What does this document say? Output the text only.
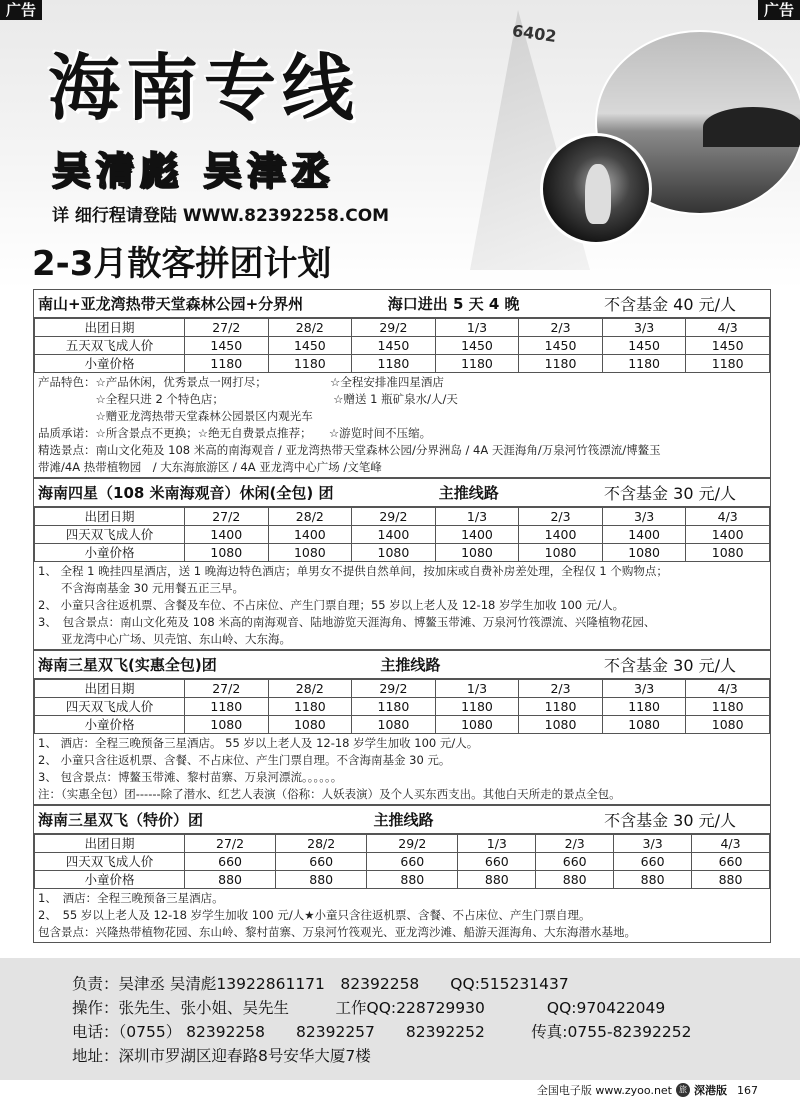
6402
海南专线
吴清彪 吴津丞
详 细行程请登陆 WWW.82392258.COM
2-3月散客拼团计划
广告	广告
南山+亚龙湾热带天堂森林公园+分界州	海口进出 5 天 4 晚	不含基金 40 元/人
出团日期	27/2	28/2	29/2	1/3	2/3	3/3	4/3
五天双飞成人价	1450	1450	1450	1450	1450	1450	1450
小童价格	1180	1180	1180	1180	1180	1180	1180
产品特色：☆产品休闲，优秀景点一网打尽；　　　　　　☆全程安排准四星酒店
　　　　　☆全程只进 2 个特色店；　　　　　　　　　　☆赠送 1 瓶矿泉水/人/天
　　　　　☆赠亚龙湾热带天堂森林公园景区内观光车
品质承诺：☆所含景点不更换；☆绝无自费景点推荐；　　☆游览时间不压缩。
精选景点：南山文化苑及 108 米高的南海观音 / 亚龙湾热带天堂森林公园/分界洲岛 / 4A 天涯海角/万泉河竹筏漂流/博鳌玉
带滩/4A 热带植物园　/ 大东海旅游区 / 4A 亚龙湾中心广场 /文笔峰
海南四星（108 米南海观音）休闲(全包) 团	主推线路	不含基金 30 元/人
出团日期	27/2	28/2	29/2	1/3	2/3	3/3	4/3
四天双飞成人价	1400	1400	1400	1400	1400	1400	1400
小童价格	1080	1080	1080	1080	1080	1080	1080
1、 全程 1 晚挂四星酒店，送 1 晚海边特色酒店；单男女不提供自然单间，按加床或自费补房差处理，全程仅 1 个购物点；
　　不含海南基金 30 元用餐五正三早。
2、 小童只含往返机票、含餐及车位、不占床位、产生门票自理；55 岁以上老人及 12-18 岁学生加收 100 元/人。
3、　包含景点：南山文化苑及 108 米高的南海观音、陆地游览天涯海角、博鳌玉带滩、万泉河竹筏漂流、兴隆植物花园、
　　亚龙湾中心广场、贝壳馆、东山岭、大东海。
海南三星双飞(实惠全包)团	主推线路	不含基金 30 元/人
出团日期	27/2	28/2	29/2	1/3	2/3	3/3	4/3
四天双飞成人价	1180	1180	1180	1180	1180	1180	1180
小童价格	1080	1080	1080	1080	1080	1080	1080
1、 酒店：全程三晚预备三星酒店。 55 岁以上老人及 12-18 岁学生加收 100 元/人。
2、 小童只含往返机票、含餐、不占床位、产生门票自理。不含海南基金 30 元。
3、 包含景点：博鳌玉带滩、黎村苗寨、万泉河漂流。。。。。。
注：（实惠全包）团------除了潜水、红艺人表演（俗称：人妖表演）及个人买东西支出。其他白天所走的景点全包。
海南三星双飞（特价）团	主推线路	不含基金 30 元/人
出团日期	27/2	28/2	29/2	1/3	2/3	3/3	4/3
四天双飞成人价	660	660	660	660	660	660	660
小童价格	880	880	880	880	880	880	880
1、　酒店：全程三晚预备三星酒店。
2、　55 岁以上老人及 12-18 岁学生加收 100 元/人★小童只含往返机票、含餐、不占床位、产生门票自理。
包含景点：兴隆热带植物花园、东山岭、黎村苗寨、万泉河竹筏观光、亚龙湾沙滩、船游天涯海角、大东海潜水基地。
负责：吴津丞 吴清彪13922861171　82392258　　QQ:515231437
操作：张先生、张小姐、吴先生　　　工作QQ:228729930　　　　QQ:970422049
电话：（0755） 82392258　　82392257　　82392252　　　传真:0755-82392252
地址：深圳市罗湖区迎春路8号安华大厦7楼
全国电子版 www.zyoo.net 旅 深港版 167
